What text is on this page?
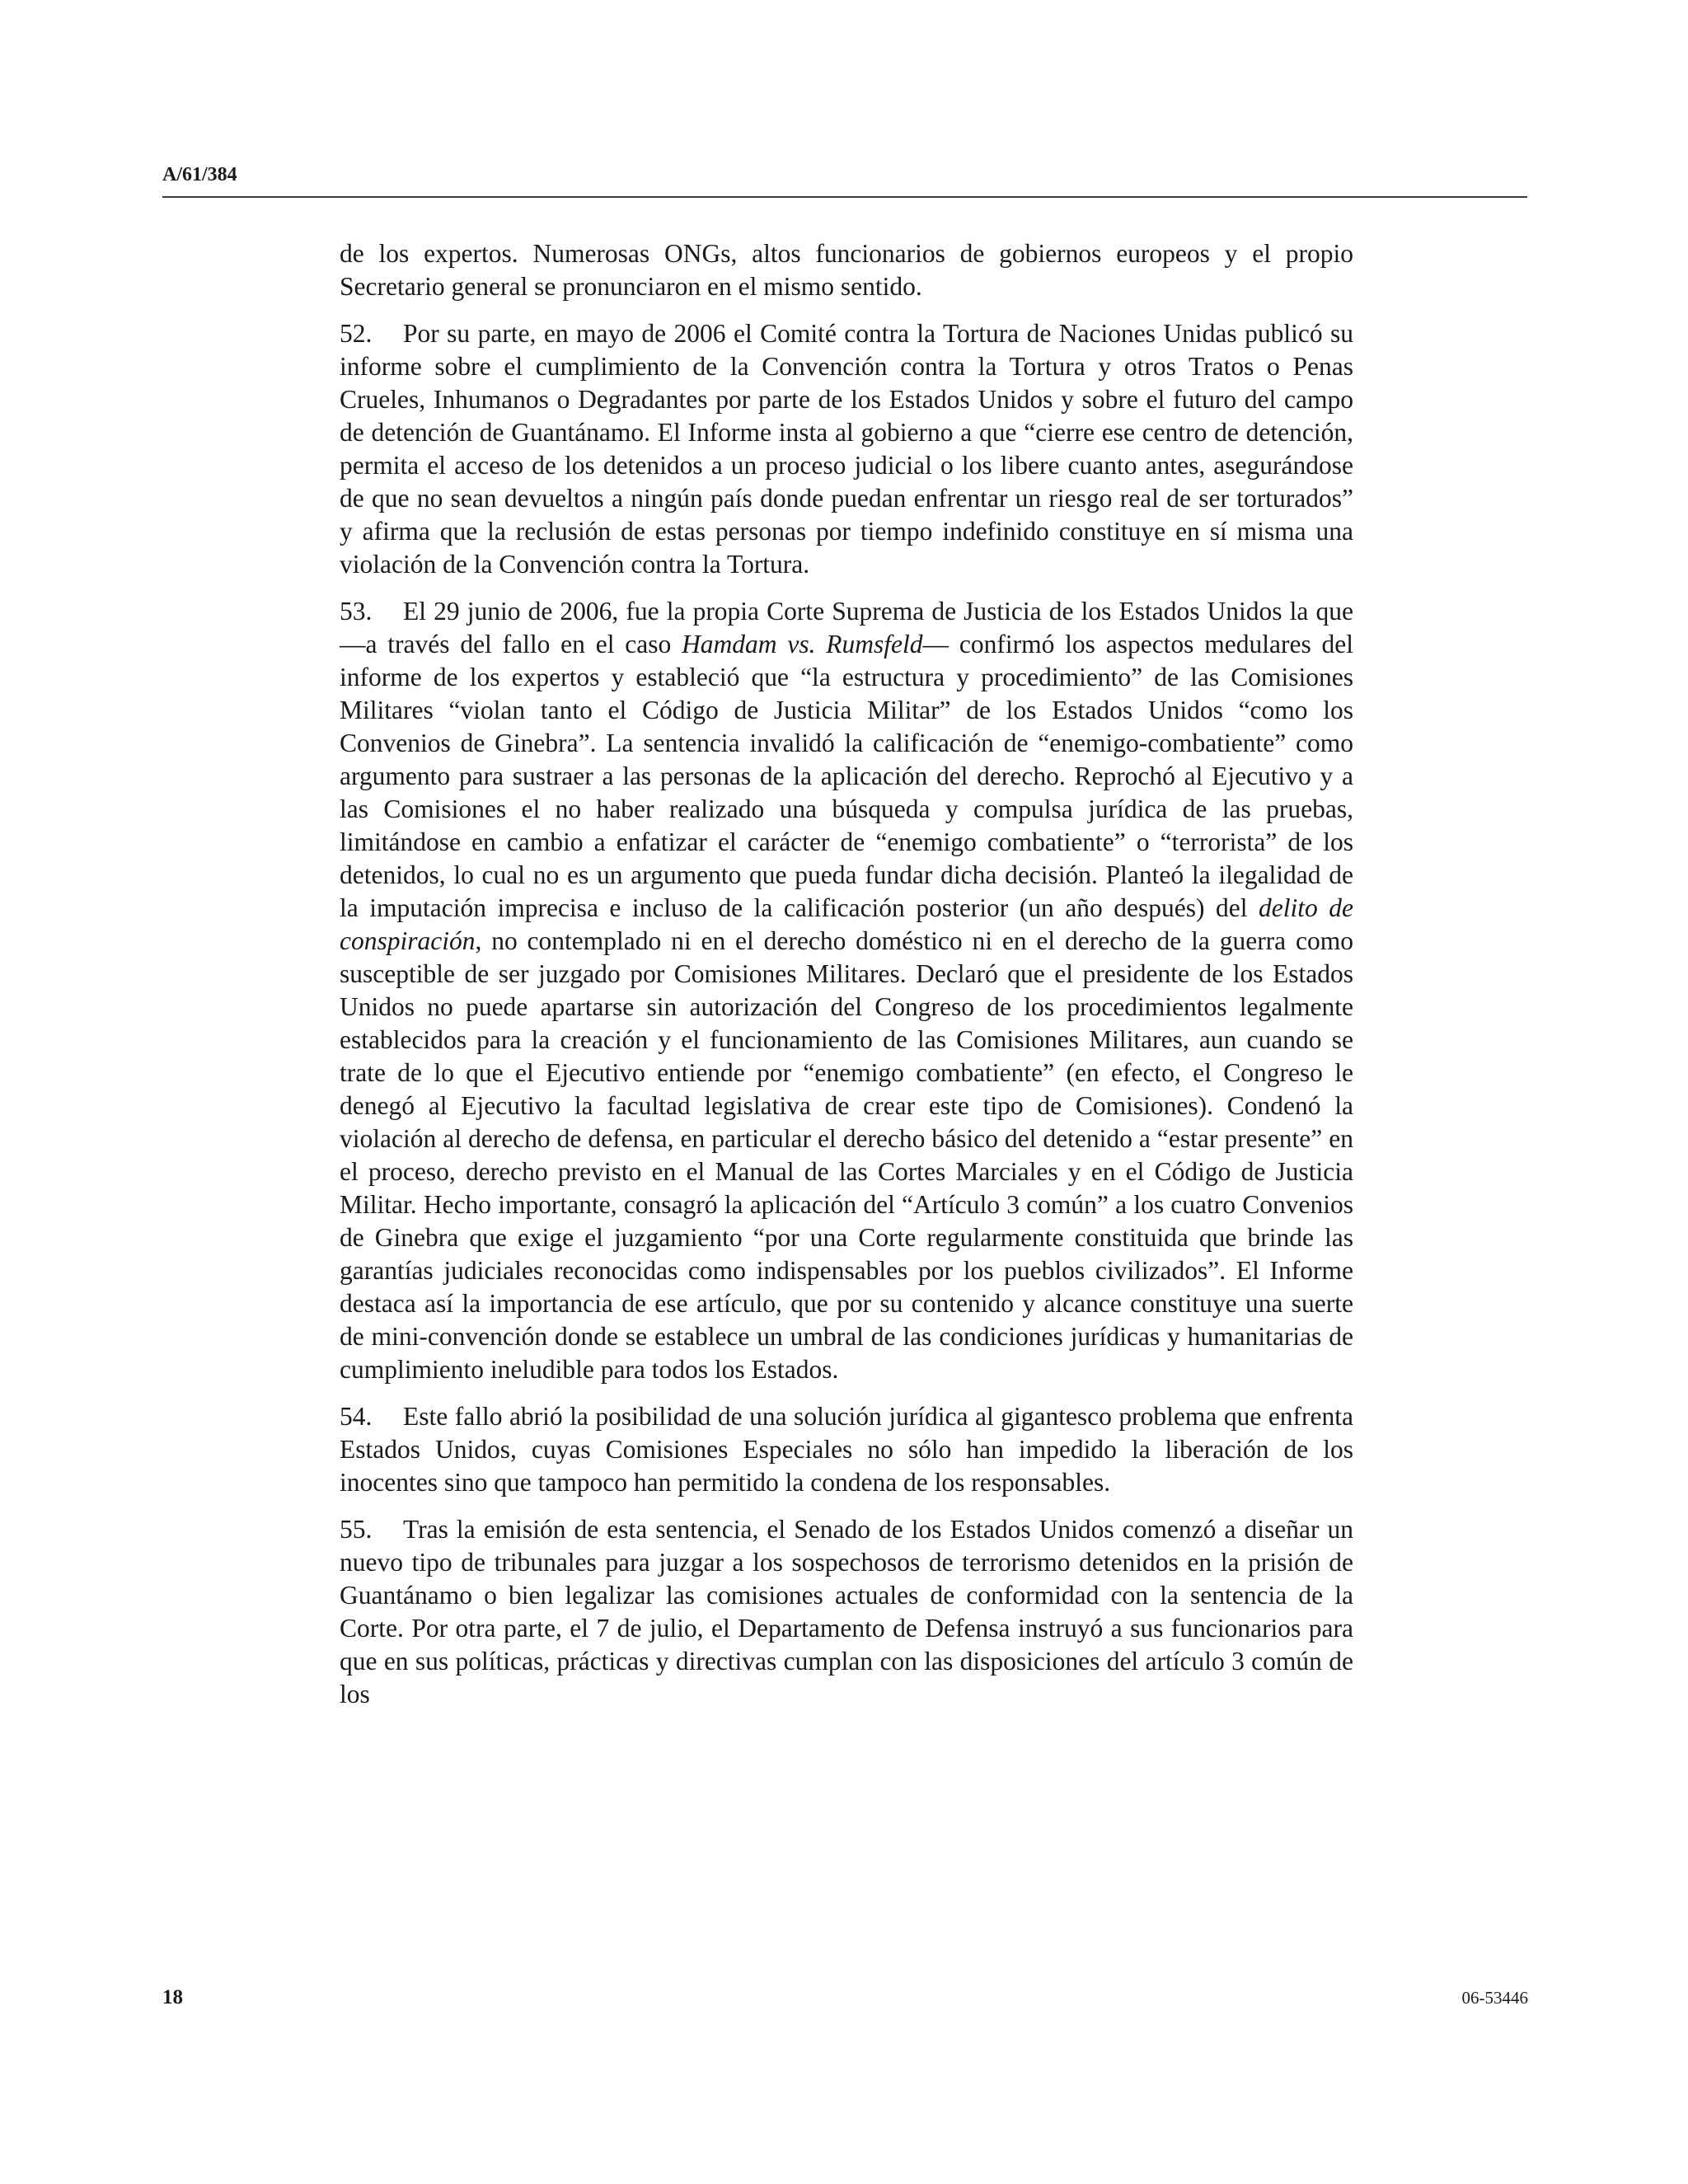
A/61/384

de los expertos. Numerosas ONGs, altos funcionarios de gobiernos europeos y el propio Secretario general se pronunciaron en el mismo sentido.

52. Por su parte, en mayo de 2006 el Comité contra la Tortura de Naciones Unidas publicó su informe sobre el cumplimiento de la Convención contra la Tortura y otros Tratos o Penas Crueles, Inhumanos o Degradantes por parte de los Estados Unidos y sobre el futuro del campo de detención de Guantánamo. El Informe insta al gobierno a que “cierre ese centro de detención, permita el acceso de los detenidos a un proceso judicial o los libere cuanto antes, asegurándose de que no sean devueltos a ningún país donde puedan enfrentar un riesgo real de ser torturados” y afirma que la reclusión de estas personas por tiempo indefinido constituye en sí misma una violación de la Convención contra la Tortura.

53. El 29 junio de 2006, fue la propia Corte Suprema de Justicia de los Estados Unidos la que —a través del fallo en el caso Hamdam vs. Rumsfeld— confirmó los aspectos medulares del informe de los expertos y estableció que “la estructura y procedimiento” de las Comisiones Militares “violan tanto el Código de Justicia Militar” de los Estados Unidos “como los Convenios de Ginebra”. La sentencia invalidó la calificación de “enemigo-combatiente” como argumento para sustraer a las personas de la aplicación del derecho. Reprochó al Ejecutivo y a las Comisiones el no haber realizado una búsqueda y compulsa jurídica de las pruebas, limitándose en cambio a enfatizar el carácter de “enemigo combatiente” o “terrorista” de los detenidos, lo cual no es un argumento que pueda fundar dicha decisión. Planteó la ilegalidad de la imputación imprecisa e incluso de la calificación posterior (un año después) del delito de conspiración, no contemplado ni en el derecho doméstico ni en el derecho de la guerra como susceptible de ser juzgado por Comisiones Militares. Declaró que el presidente de los Estados Unidos no puede apartarse sin autorización del Congreso de los procedimientos legalmente establecidos para la creación y el funcionamiento de las Comisiones Militares, aun cuando se trate de lo que el Ejecutivo entiende por “enemigo combatiente” (en efecto, el Congreso le denegó al Ejecutivo la facultad legislativa de crear este tipo de Comisiones). Condenó la violación al derecho de defensa, en particular el derecho básico del detenido a “estar presente” en el proceso, derecho previsto en el Manual de las Cortes Marciales y en el Código de Justicia Militar. Hecho importante, consagró la aplicación del “Artículo 3 común” a los cuatro Convenios de Ginebra que exige el juzgamiento “por una Corte regularmente constituida que brinde las garantías judiciales reconocidas como indispensables por los pueblos civilizados”. El Informe destaca así la importancia de ese artículo, que por su contenido y alcance constituye una suerte de mini-convención donde se establece un umbral de las condiciones jurídicas y humanitarias de cumplimiento ineludible para todos los Estados.

54. Este fallo abrió la posibilidad de una solución jurídica al gigantesco problema que enfrenta Estados Unidos, cuyas Comisiones Especiales no sólo han impedido la liberación de los inocentes sino que tampoco han permitido la condena de los responsables.

55. Tras la emisión de esta sentencia, el Senado de los Estados Unidos comenzó a diseñar un nuevo tipo de tribunales para juzgar a los sospechosos de terrorismo detenidos en la prisión de Guantánamo o bien legalizar las comisiones actuales de conformidad con la sentencia de la Corte. Por otra parte, el 7 de julio, el Departamento de Defensa instruyó a sus funcionarios para que en sus políticas, prácticas y directivas cumplan con las disposiciones del artículo 3 común de los

18	06-53446
